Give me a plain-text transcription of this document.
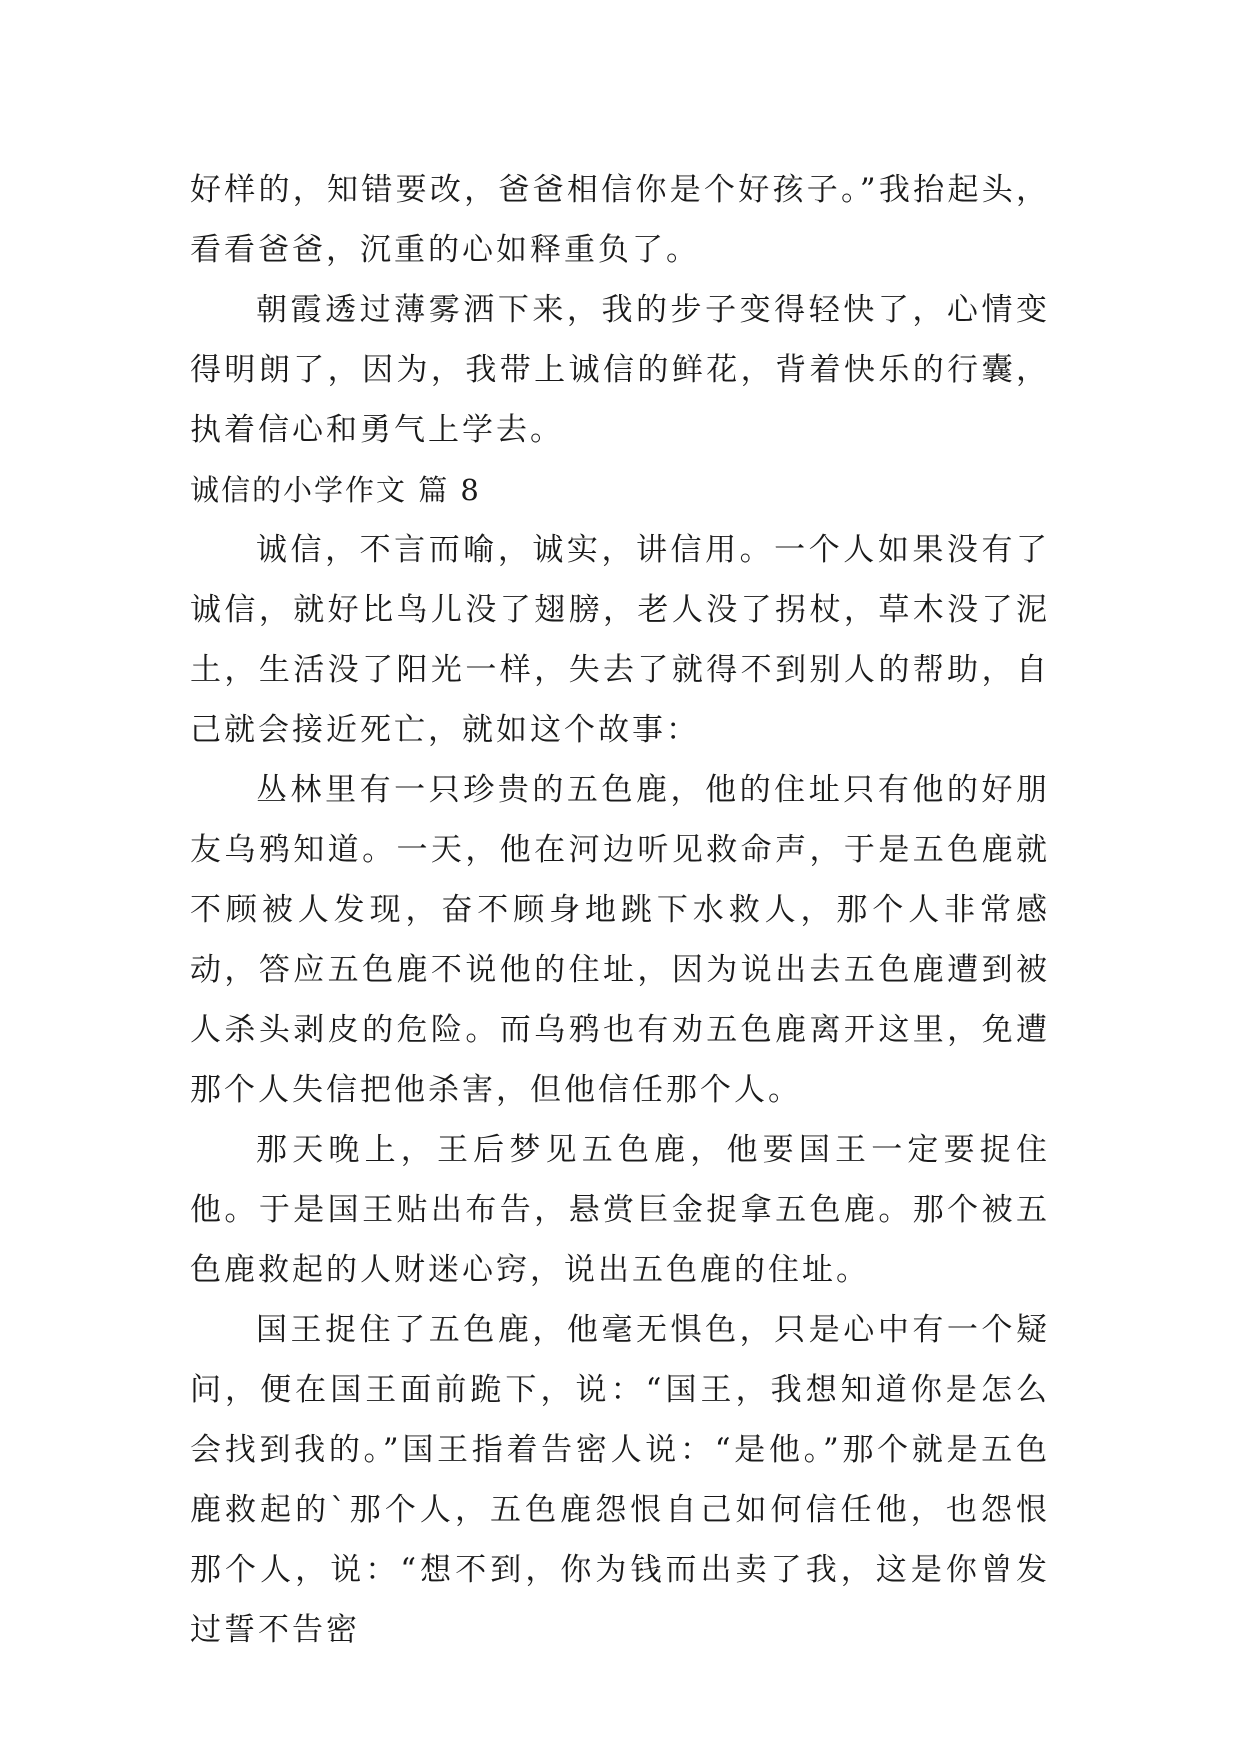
好样的，知错要改，爸爸相信你是个好孩子。”我抬起头，看看爸爸，沉重的心如释重负了。

朝霞透过薄雾洒下来，我的步子变得轻快了，心情变得明朗了，因为，我带上诚信的鲜花，背着快乐的行囊，执着信心和勇气上学去。

诚信的小学作文 篇 8

诚信，不言而喻，诚实，讲信用。一个人如果没有了诚信，就好比鸟儿没了翅膀，老人没了拐杖，草木没了泥土，生活没了阳光一样，失去了就得不到别人的帮助，自己就会接近死亡，就如这个故事：

丛林里有一只珍贵的五色鹿，他的住址只有他的好朋友乌鸦知道。一天，他在河边听见救命声，于是五色鹿就不顾被人发现，奋不顾身地跳下水救人，那个人非常感动，答应五色鹿不说他的住址，因为说出去五色鹿遭到被人杀头剥皮的危险。而乌鸦也有劝五色鹿离开这里，免遭那个人失信把他杀害，但他信任那个人。

那天晚上，王后梦见五色鹿，他要国王一定要捉住他。于是国王贴出布告，悬赏巨金捉拿五色鹿。那个被五色鹿救起的人财迷心窍，说出五色鹿的住址。

国王捉住了五色鹿，他毫无惧色，只是心中有一个疑问，便在国王面前跪下，说：“国王，我想知道你是怎么会找到我的。”国王指着告密人说：“是他。”那个就是五色鹿救起的`那个人，五色鹿怨恨自己如何信任他，也怨恨那个人，说：“想不到，你为钱而出卖了我，这是你曾发过誓不告密
